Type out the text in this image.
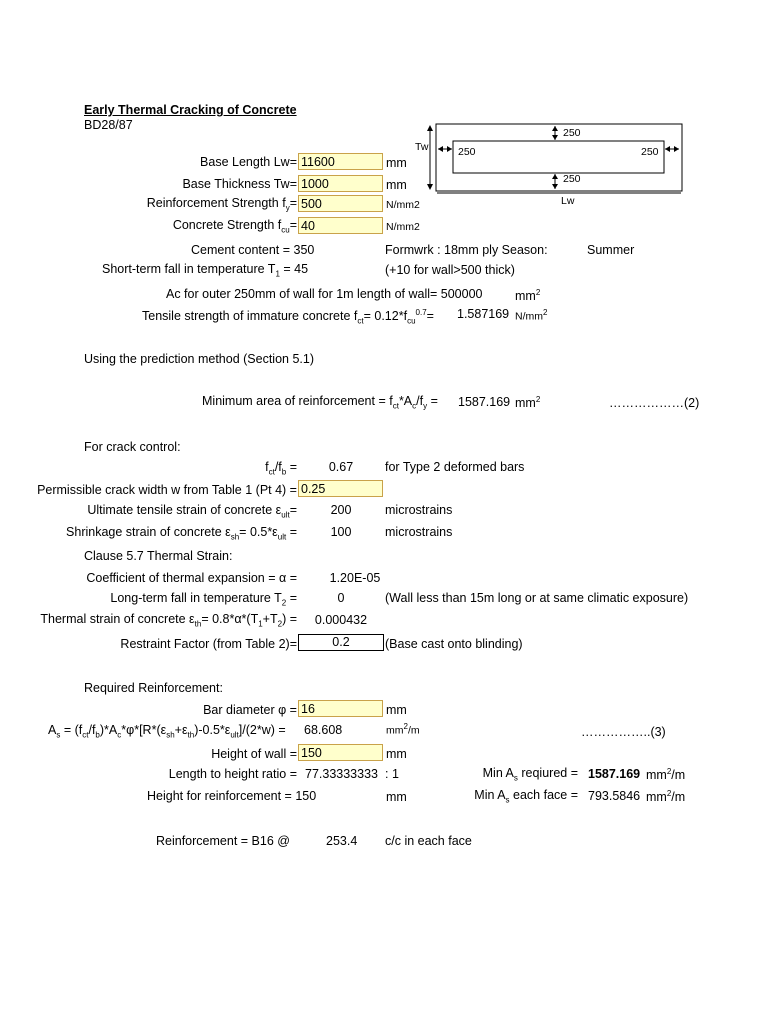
Early Thermal Cracking of Concrete
BD28/87
Tw
Lw
250
250
250	250
Base Length Lw= 11600	mm
Base Thickness Tw= 1000	mm
Reinforcement Strength $f_y= 500$	N/mm2
Concrete Strength $f_{cu}= 40$	N/mm2
Cement content = 350	Formwrk : 18mm ply Season:	Summer
Short-term fall in temperature $T_1 = 45$	(+10 for wall>500 thick)
Ac for outer 250mm of wall for 1m length of wall= 500000	$mm^2$
Tensile strength of immature concrete $f_{ct}= 0.12*f_{cu}^{0.7}= 1.587169$ $N/mm^2$
Using the prediction method (Section 5.1)
Minimum area of reinforcement = $f_{ct}*A_c/f_y = 1587.169$ $mm^2$	………………(2)
For crack control:
$f_{ct}/f_b$ =	0.67	for Type 2 deformed bars
Permissible crack width w from Table 1 (Pt 4) = 0.25
Ultimate tensile strain of concrete $\varepsilon_{ult}=$	200	microstrains
Shrinkage strain of concrete $\varepsilon_{sh}= 0.5*\varepsilon_{ult}$ =	100	microstrains
Clause 5.7 Thermal Strain:
Coefficient of thermal expansion = α =	1.20E-05
Long-term fall in temperature $T_2$ =	0	(Wall less than 15m long or at same climatic exposure)
Thermal strain of concrete $\varepsilon_{th}= 0.8*\alpha*(T_1+T_2)$ =	0.000432
Restraint Factor (from Table 2)=	0.2	(Base cast onto blinding)
Required Reinforcement:
Bar diameter φ = 16	mm
$A_s = (f_{ct}/f_b)*A_c*\varphi*[R*(\varepsilon_{sh}+\varepsilon_{th})-0.5*\varepsilon_{ult}]/(2*w) = 68.608$	$mm^2/m$	……………..(3)
Height of wall = 150	mm
Length to height ratio = 77.33333333 : 1	Min $A_s$ reqiured = 1587.169 $mm^2/m$
Height for reinforcement = 150	mm	Min $A_s$ each face = 793.5846 $mm^2/m$
Reinforcement = B16 @	253.4 c/c in each face
